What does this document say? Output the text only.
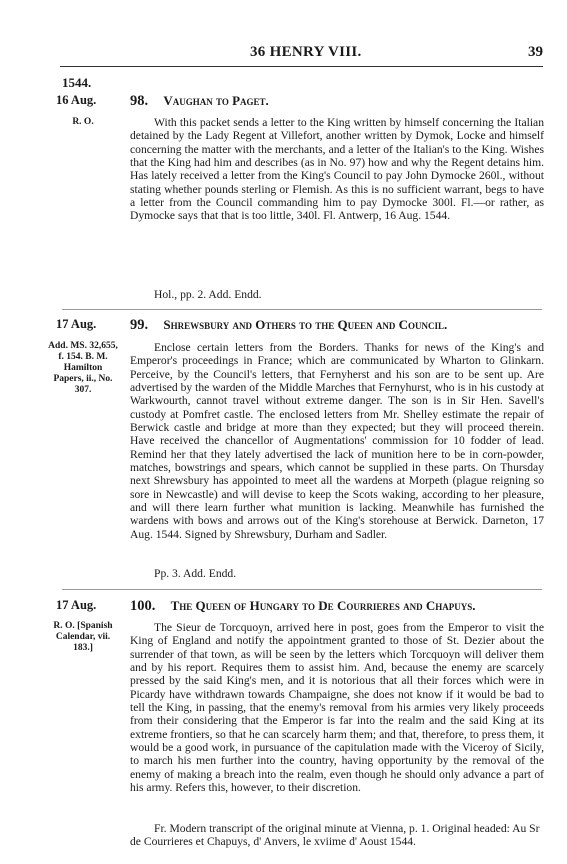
36 HENRY VIII.	39
1544.
16 Aug.
R. O.
98. Vaughan to Paget.

With this packet sends a letter to the King written by himself concerning the Italian detained by the Lady Regent at Villefort, another written by Dymok, Locke and himself concerning the matter with the merchants, and a letter of the Italian's to the King. Wishes that the King had him and describes (as in No. 97) how and why the Regent detains him. Has lately received a letter from the King's Council to pay John Dymocke 260l., without stating whether pounds sterling or Flemish. As this is no sufficient warrant, begs to have a letter from the Council commanding him to pay Dymocke 300l. Fl.—or rather, as Dymocke says that that is too little, 340l. Fl. Antwerp, 16 Aug. 1544.

Hol., pp. 2. Add. Endd.
17 Aug.
Add. MS. 32,655, f. 154. B. M. Hamilton Papers, ii., No. 307.
99. Shrewsbury and Others to the Queen and Council.

Enclose certain letters from the Borders. Thanks for news of the King's and Emperor's proceedings in France; which are communicated by Wharton to Glinkarn. Perceive, by the Council's letters, that Fernyherst and his son are to be sent up. Are advertised by the warden of the Middle Marches that Fernyhurst, who is in his custody at Warkwourth, cannot travel without extreme danger. The son is in Sir Hen. Savell's custody at Pomfret castle. The enclosed letters from Mr. Shelley estimate the repair of Berwick castle and bridge at more than they expected; but they will proceed therein. Have received the chancellor of Augmentations' commission for 10 fodder of lead. Remind her that they lately advertised the lack of munition here to be in corn-powder, matches, bowstrings and spears, which cannot be supplied in these parts. On Thursday next Shrewsbury has appointed to meet all the wardens at Morpeth (plague reigning so sore in Newcastle) and will devise to keep the Scots waking, according to her pleasure, and will there learn further what munition is lacking. Meanwhile has furnished the wardens with bows and arrows out of the King's storehouse at Berwick. Darneton, 17 Aug. 1544. Signed by Shrewsbury, Durham and Sadler.

Pp. 3. Add. Endd.
17 Aug.
R. O. [Spanish Calendar, vii. 183.]
100. The Queen of Hungary to De Courrieres and Chapuys.

The Sieur de Torcquoyn, arrived here in post, goes from the Emperor to visit the King of England and notify the appointment granted to those of St. Dezier about the surrender of that town, as will be seen by the letters which Torcquoyn will deliver them and by his report. Requires them to assist him. And, because the enemy are scarcely pressed by the said King's men, and it is notorious that all their forces which were in Picardy have withdrawn towards Champaigne, she does not know if it would be bad to tell the King, in passing, that the enemy's removal from his armies very likely proceeds from their considering that the Emperor is far into the realm and the said King at its extreme frontiers, so that he can scarcely harm them; and that, therefore, to press them, it would be a good work, in pursuance of the capitulation made with the Viceroy of Sicily, to march his men further into the country, having opportunity by the removal of the enemy of making a breach into the realm, even though he should only advance a part of his army. Refers this, however, to their discretion.

Fr. Modern transcript of the original minute at Vienna, p. 1. Original headed: Au Sr de Courrieres et Chapuys, d' Anvers, le xviime d' Aoust 1544.
